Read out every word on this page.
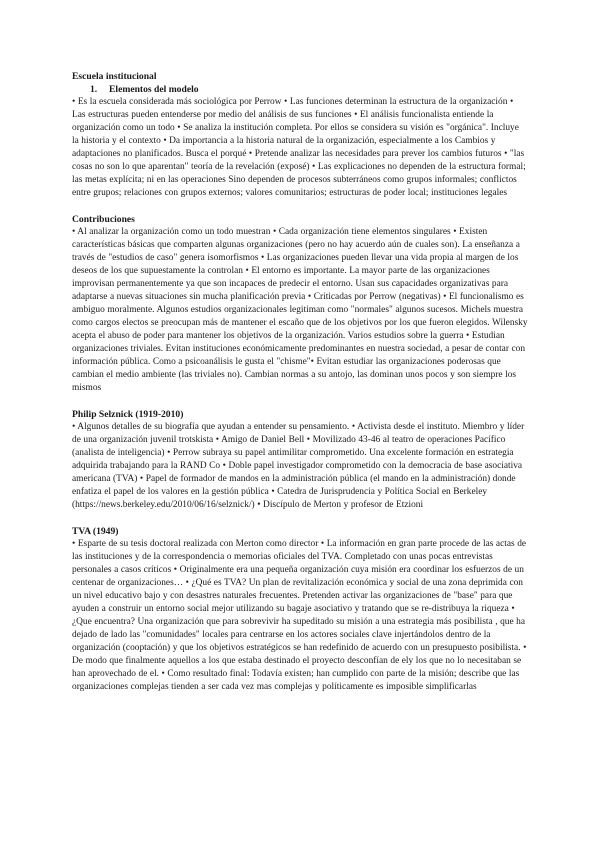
Escuela institucional

1. Elementos del modelo

• Es la escuela considerada más sociológica por Perrow • Las funciones determinan la estructura de la organización • Las estructuras pueden entenderse por medio del análisis de sus funciones • El análisis funcionalista entiende la organización como un todo • Se analiza la institución completa. Por ellos se considera su visión es "orgánica". Incluye la historia y el contexto • Da importancia a la historia natural de la organización, especialmente a los Cambios y adaptaciones no planificados. Busca el porqué • Pretende analizar las necesidades para prever los cambios futuros • "las cosas no son lo que aparentan" teoría de la revelación (exposé) • Las explicaciones no dependen de la estructura formal; las metas explícita; ni en las operaciones Sino dependen de procesos subterráneos como grupos informales; conflictos entre grupos; relaciones con grupos externos; valores comunitarios; estructuras de poder local; instituciones legales

Contribuciones

• Al analizar la organización como un todo muestran • Cada organización tiene elementos singulares • Existen características básicas que comparten algunas organizaciones (pero no hay acuerdo aún de cuales son). La enseñanza a través de "estudios de caso" genera isomorfismos • Las organizaciones pueden llevar una vida propia al margen de los deseos de los que supuestamente la controlan • El entorno es importante. La mayor parte de las organizaciones improvisan permanentemente ya que son incapaces de predecir el entorno. Usan sus capacidades organizativas para adaptarse a nuevas situaciones sin mucha planificación previa • Criticadas por Perrow (negativas) • El funcionalismo es ambiguo moralmente. Algunos estudios organizacionales legitiman como "normales" algunos sucesos. Michels muestra como cargos electos se preocupan más de mantener el escaño que de los objetivos por los que fueron elegidos. Wilensky acepta el abuso de poder para mantener los objetivos de la organización. Varios estudios sobre la guerra • Estudian organizaciones triviales. Evitan instituciones económicamente predominantes en nuestra sociedad, a pesar de contar con información pública. Como a psicoanálisis le gusta el "chisme"• Evitan estudiar las organizaciones poderosas que cambian el medio ambiente (las triviales no). Cambian normas a su antojo, las dominan unos pocos y son siempre los mismos

Philip Selznick (1919-2010)

• Algunos detalles de su biografía que ayudan a entender su pensamiento. • Activista desde el instituto. Miembro y líder de una organización juvenil trotskista • Amigo de Daniel Bell • Movilizado 43-46 al teatro de operaciones Pacífico (analista de inteligencia) • Perrow subraya su papel antimilitar comprometido. Una excelente formación en estrategia adquirida trabajando para la RAND Co • Doble papel investigador comprometido con la democracia de base asociativa americana (TVA) • Papel de formador de mandos en la administración pública (el mando en la administración) donde enfatiza el papel de los valores en la gestión pública • Catedra de Jurisprudencia y Política Social en Berkeley (https://news.berkeley.edu/2010/06/16/selznick/) • Discípulo de Merton y profesor de Etzioni

TVA (1949)

• Esparte de su tesis doctoral realizada con Merton como director • La información en gran parte procede de las actas de las instituciones y de la correspondencia o memorias oficiales del TVA. Completado con unas pocas entrevistas personales a casos críticos • Originalmente era una pequeña organización cuya misión era coordinar los esfuerzos de un centenar de organizaciones… • ¿Qué es TVA? Un plan de revitalización económica y social de una zona deprimida con un nivel educativo bajo y con desastres naturales frecuentes. Pretenden activar las organizaciones de "base" para que ayuden a construir un entorno social mejor utilizando su bagaje asociativo y tratando que se re-distribuya la riqueza • ¿Que encuentra? Una organización que para sobrevivir ha supeditado su misión a una estrategia más posibilista , que ha dejado de lado las "comunidades" locales para centrarse en los actores sociales clave injertándolos dentro de la organización (cooptación) y que los objetivos estratégicos se han redefinido de acuerdo con un presupuesto posibilista. • De modo que finalmente aquellos a los que estaba destinado el proyecto desconfían de ely los que no lo necesitaban se han aprovechado de el. • Como resultado final: Todavía existen; han cumplido con parte de la misión; describe que las organizaciones complejas tienden a ser cada vez mas complejas y políticamente es imposible simplificarlas
